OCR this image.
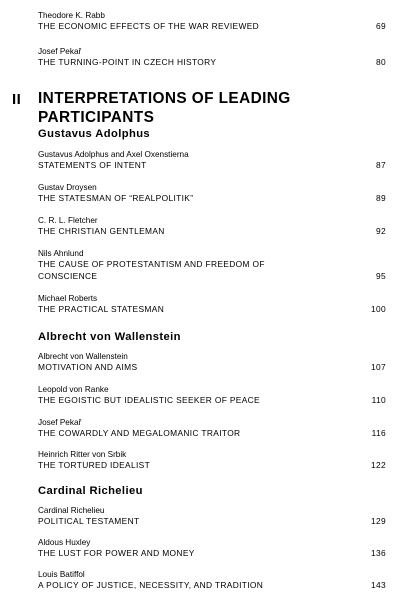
Theodore K. Rabb
THE ECONOMIC EFFECTS OF THE WAR REVIEWED	69
Josef Pekař
THE TURNING-POINT IN CZECH HISTORY	80
II INTERPRETATIONS OF LEADING
PARTICIPANTS
Gustavus Adolphus
Gustavus Adolphus and Axel Oxenstierna
STATEMENTS OF INTENT	87
Gustav Droysen
THE STATESMAN OF “REALPOLITIK”	89
C. R. L. Fletcher
THE CHRISTIAN GENTLEMAN	92
Nils Ahnlund
THE CAUSE OF PROTESTANTISM AND FREEDOM OF
CONSCIENCE	95
Michael Roberts
THE PRACTICAL STATESMAN	100
Albrecht von Wallenstein
Albrecht von Wallenstein
MOTIVATION AND AIMS	107
Leopold von Ranke
THE EGOISTIC BUT IDEALISTIC SEEKER OF PEACE	110
Josef Pekař
THE COWARDLY AND MEGALOMANIC TRAITOR	116
Heinrich Ritter von Srbik
THE TORTURED IDEALIST	122
Cardinal Richelieu
Cardinal Richelieu
POLITICAL TESTAMENT	129
Aldous Huxley
THE LUST FOR POWER AND MONEY	136
Louis Batiffol
A POLICY OF JUSTICE, NECESSITY, AND TRADITION	143
